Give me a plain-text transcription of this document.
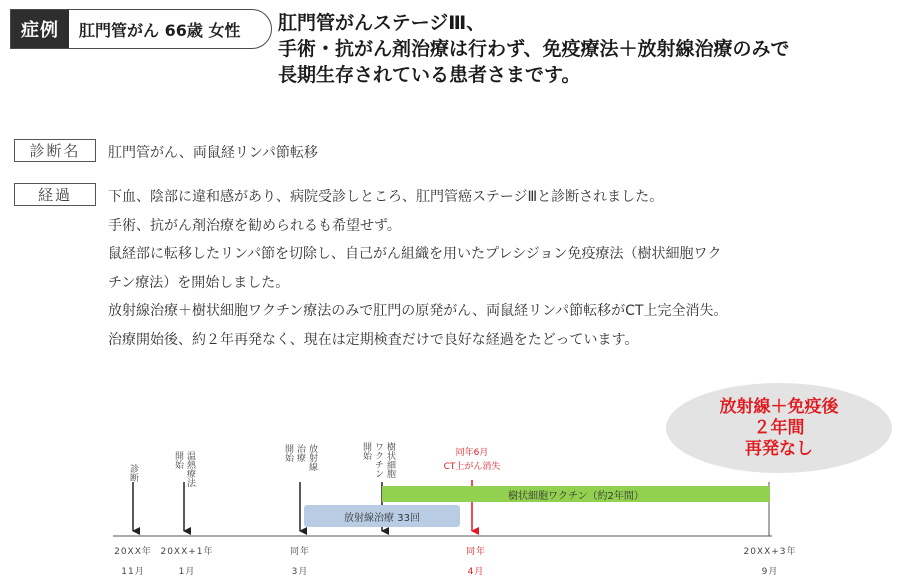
症例	肛門管がん 66歳 女性	肛門管がんステージⅢ、
手術・抗がん剤治療は行わず、免疫療法＋放射線治療のみで
長期生存されている患者さまです。
診断名	肛門管がん、両鼠経リンパ節転移
経過	下血、陰部に違和感があり、病院受診しところ、肛門管癌ステージⅢと診断されました。
手術、抗がん剤治療を勧められるも希望せず。
鼠経部に転移したリンパ節を切除し、自己がん組織を用いたプレシジョン免疫療法（樹状細胞ワク
チン療法）を開始しました。
放射線治療＋樹状細胞ワクチン療法のみで肛門の原発がん、両鼠経リンパ節転移がCT上完全消失。
治療開始後、約２年再発なく、現在は定期検査だけで良好な経過をたどっています。
放射線＋免疫後
２年間
再発なし
診断	温熱療法
開始	放射線
治療
開始	樹状細胞
ワクチン
開始	同年6月
CT上がん消失
樹状細胞ワクチン（約2年間）
放射線治療 33回
20XX年
11月
20XX+1年
1月
同年
3月
同年
4月
20XX+3年
9月
